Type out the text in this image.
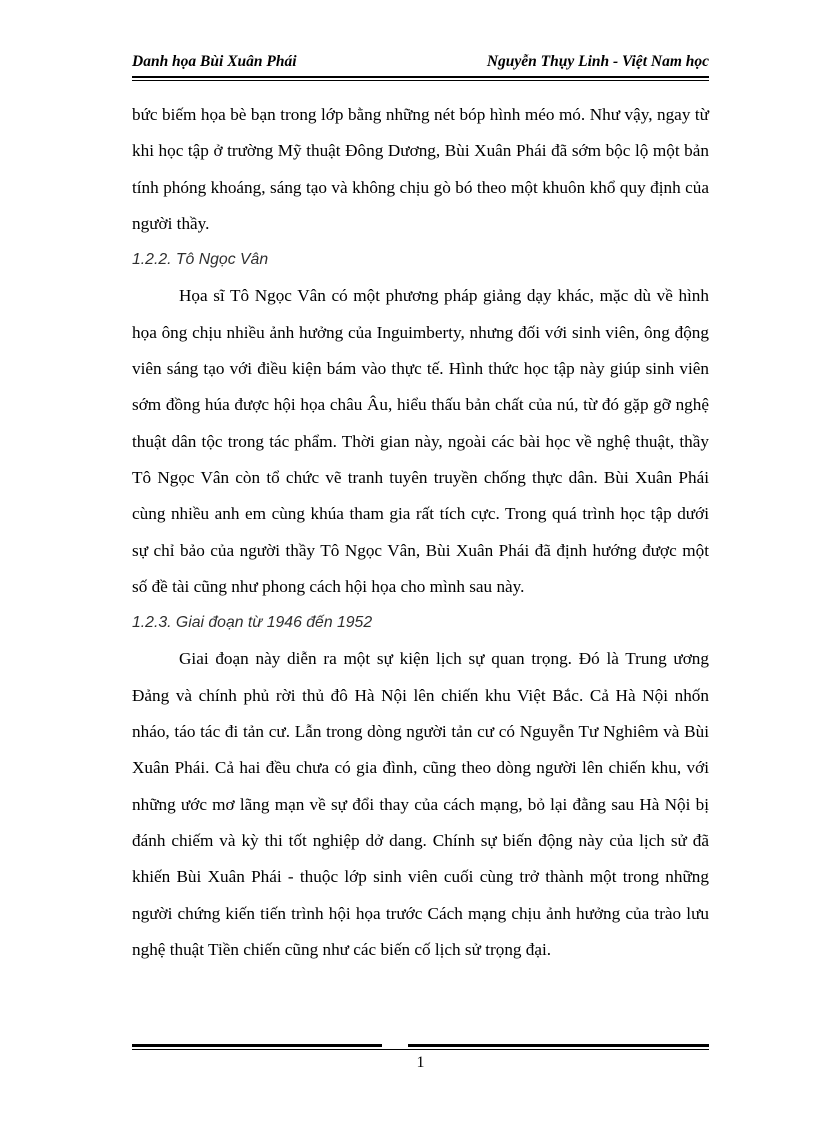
Danh họa Bùi Xuân Phái	Nguyễn Thụy Linh - Việt Nam học

bức biếm họa bè bạn trong lớp bằng những nét bóp hình méo mó. Như vậy, ngay từ khi học tập ở trường Mỹ thuật Đông Dương, Bùi Xuân Phái đã sớm bộc lộ một bản tính phóng khoáng, sáng tạo và không chịu gò bó theo một khuôn khổ quy định của người thầy.

1.2.2. Tô Ngọc Vân

Họa sĩ Tô Ngọc Vân có một phương pháp giảng dạy khác, mặc dù về hình họa ông chịu nhiều ảnh hưởng của Inguimberty, nhưng đối với sinh viên, ông động viên sáng tạo với điều kiện bám vào thực tế. Hình thức học tập này giúp sinh viên sớm đồng húa được hội họa châu Âu, hiểu thấu bản chất của nú, từ đó gặp gỡ nghệ thuật dân tộc trong tác phẩm. Thời gian này, ngoài các bài học về nghệ thuật, thầy Tô Ngọc Vân còn tổ chức vẽ tranh tuyên truyền chống thực dân. Bùi Xuân Phái cùng nhiều anh em cùng khúa tham gia rất tích cực. Trong quá trình học tập dưới sự chỉ bảo của người thầy Tô Ngọc Vân, Bùi Xuân Phái đã định hướng được một số đề tài cũng như phong cách hội họa cho mình sau này.

1.2.3. Giai đoạn từ 1946 đến 1952

Giai đoạn này diễn ra một sự kiện lịch sự quan trọng. Đó là Trung ương Đảng và chính phủ rời thủ đô Hà Nội lên chiến khu Việt Bắc. Cả Hà Nội nhốn nháo, táo tác đi tản cư. Lẫn trong dòng người tản cư có Nguyễn Tư Nghiêm và Bùi Xuân Phái. Cả hai đều chưa có gia đình, cũng theo dòng người lên chiến khu, với những ước mơ lãng mạn về sự đổi thay của cách mạng, bỏ lại đằng sau Hà Nội bị đánh chiếm và kỳ thi tốt nghiệp dở dang. Chính sự biến động này của lịch sử đã khiến Bùi Xuân Phái - thuộc lớp sinh viên cuối cùng trở thành một trong những người chứng kiến tiến trình hội họa trước Cách mạng chịu ảnh hưởng của trào lưu nghệ thuật Tiền chiến cũng như các biến cố lịch sử trọng đại.

1
